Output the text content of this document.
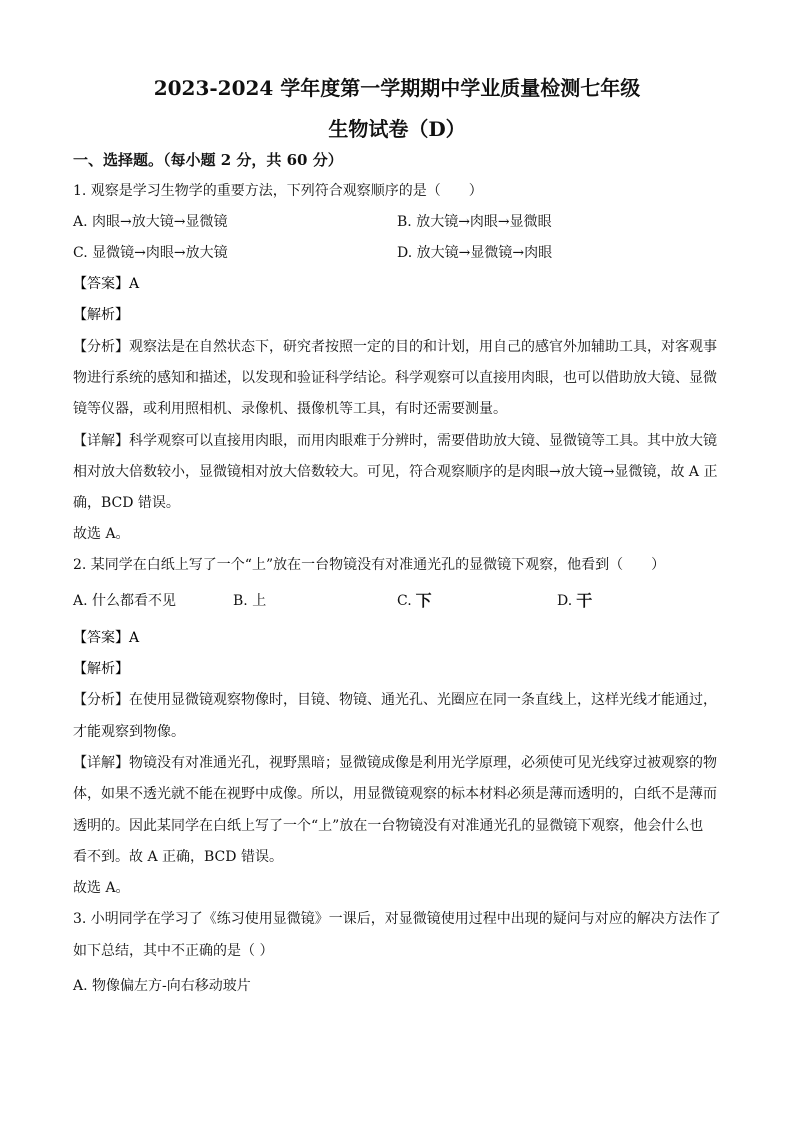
2023-2024 学年度第一学期期中学业质量检测七年级
生物试卷（D）
一、选择题。（每小题 2 分，共 60 分）
1. 观察是学习生物学的重要方法，下列符合观察顺序的是（　　）
A. 肉眼→放大镜→显微镜	B. 放大镜→肉眼→显微眼
C. 显微镜→肉眼→放大镜	D. 放大镜→显微镜→肉眼
【答案】A
【解析】
【分析】观察法是在自然状态下，研究者按照一定的目的和计划，用自己的感官外加辅助工具，对客观事
物进行系统的感知和描述，以发现和验证科学结论。科学观察可以直接用肉眼，也可以借助放大镜、显微
镜等仪器，或利用照相机、录像机、摄像机等工具，有时还需要测量。
【详解】科学观察可以直接用肉眼，而用肉眼难于分辨时，需要借助放大镜、显微镜等工具。其中放大镜
相对放大倍数较小，显微镜相对放大倍数较大。可见，符合观察顺序的是肉眼→放大镜→显微镜，故 A 正
确，BCD 错误。
故选 A。
2. 某同学在白纸上写了一个“上”放在一台物镜没有对准通光孔的显微镜下观察，他看到（　　）
A. 什么都看不见	B. 上	C. 下	D. 干
【答案】A
【解析】
【分析】在使用显微镜观察物像时，目镜、物镜、通光孔、光圈应在同一条直线上，这样光线才能通过，
才能观察到物像。
【详解】物镜没有对准通光孔，视野黑暗；显微镜成像是利用光学原理，必须使可见光线穿过被观察的物
体，如果不透光就不能在视野中成像。所以，用显微镜观察的标本材料必须是薄而透明的，白纸不是薄而
透明的。因此某同学在白纸上写了一个“上”放在一台物镜没有对准通光孔的显微镜下观察，他会什么也
看不到。故 A 正确，BCD 错误。
故选 A。
3. 小明同学在学习了《练习使用显微镜》一课后，对显微镜使用过程中出现的疑问与对应的解决方法作了
如下总结，其中不正确的是（ ）
A. 物像偏左方-向右移动玻片
